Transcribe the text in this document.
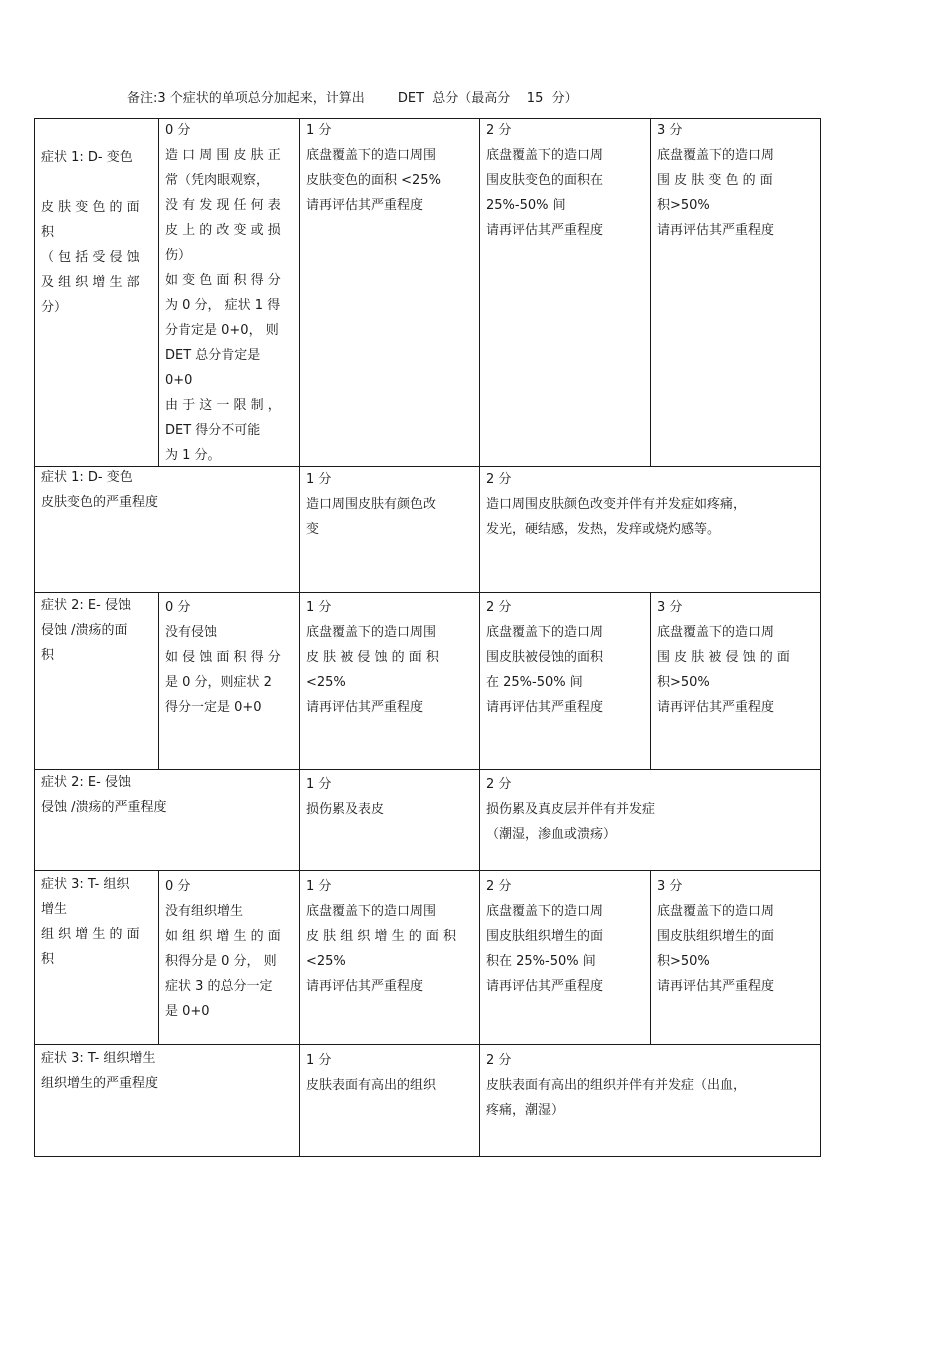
备注:3 个症状的单项总分加起来，计算出        DET  总分（最高分    15  分）
症状 1: D- 变色

皮 肤 变 色 的 面
积
（ 包 括 受 侵 蚀
及 组 织 增 生 部
分）
0 分
造 口 周 围 皮 肤 正
常（凭肉眼观察，
没 有 发 现 任 何 表
皮 上 的 改 变 或 损
伤）
如 变 色 面 积 得 分
为 0 分， 症状 1 得
分肯定是 0+0， 则
DET 总分肯定是
0+0
由 于 这 一 限 制 ，
DET 得分不可能
为 1 分。
1 分
底盘覆盖下的造口周围
皮肤变色的面积 <25%
请再评估其严重程度
2 分
底盘覆盖下的造口周
围皮肤变色的面积在
25%-50% 间
请再评估其严重程度
3 分
底盘覆盖下的造口周
围 皮 肤 变 色 的 面
积>50%
请再评估其严重程度
症状 1: D- 变色
皮肤变色的严重程度
1 分
造口周围皮肤有颜色改
变
2 分
造口周围皮肤颜色改变并伴有并发症如疼痛，
发光，硬结感，发热，发痒或烧灼感等。
症状 2: E- 侵蚀
侵蚀 /溃疡的面
积
0 分
没有侵蚀
如 侵 蚀 面 积 得 分
是 0 分，则症状 2
得分一定是 0+0
1 分
底盘覆盖下的造口周围
皮 肤 被 侵 蚀 的 面 积
<25%
请再评估其严重程度
2 分
底盘覆盖下的造口周
围皮肤被侵蚀的面积
在 25%-50% 间
请再评估其严重程度
3 分
底盘覆盖下的造口周
围 皮 肤 被 侵 蚀 的 面
积>50%
请再评估其严重程度
症状 2: E- 侵蚀
侵蚀 /溃疡的严重程度
1 分
损伤累及表皮
2 分
损伤累及真皮层并伴有并发症
（潮湿，渗血或溃疡）
症状 3: T- 组织
增生
组 织 增 生 的 面
积
0 分
没有组织增生
如 组 织 增 生 的 面
积得分是 0 分， 则
症状 3 的总分一定
是 0+0
1 分
底盘覆盖下的造口周围
皮 肤 组 织 增 生 的 面 积
<25%
请再评估其严重程度
2 分
底盘覆盖下的造口周
围皮肤组织增生的面
积在 25%-50% 间
请再评估其严重程度
3 分
底盘覆盖下的造口周
围皮肤组织增生的面
积>50%
请再评估其严重程度
症状 3: T- 组织增生
组织增生的严重程度
1 分
皮肤表面有高出的组织
2 分
皮肤表面有高出的组织并伴有并发症（出血，
疼痛，潮湿）
